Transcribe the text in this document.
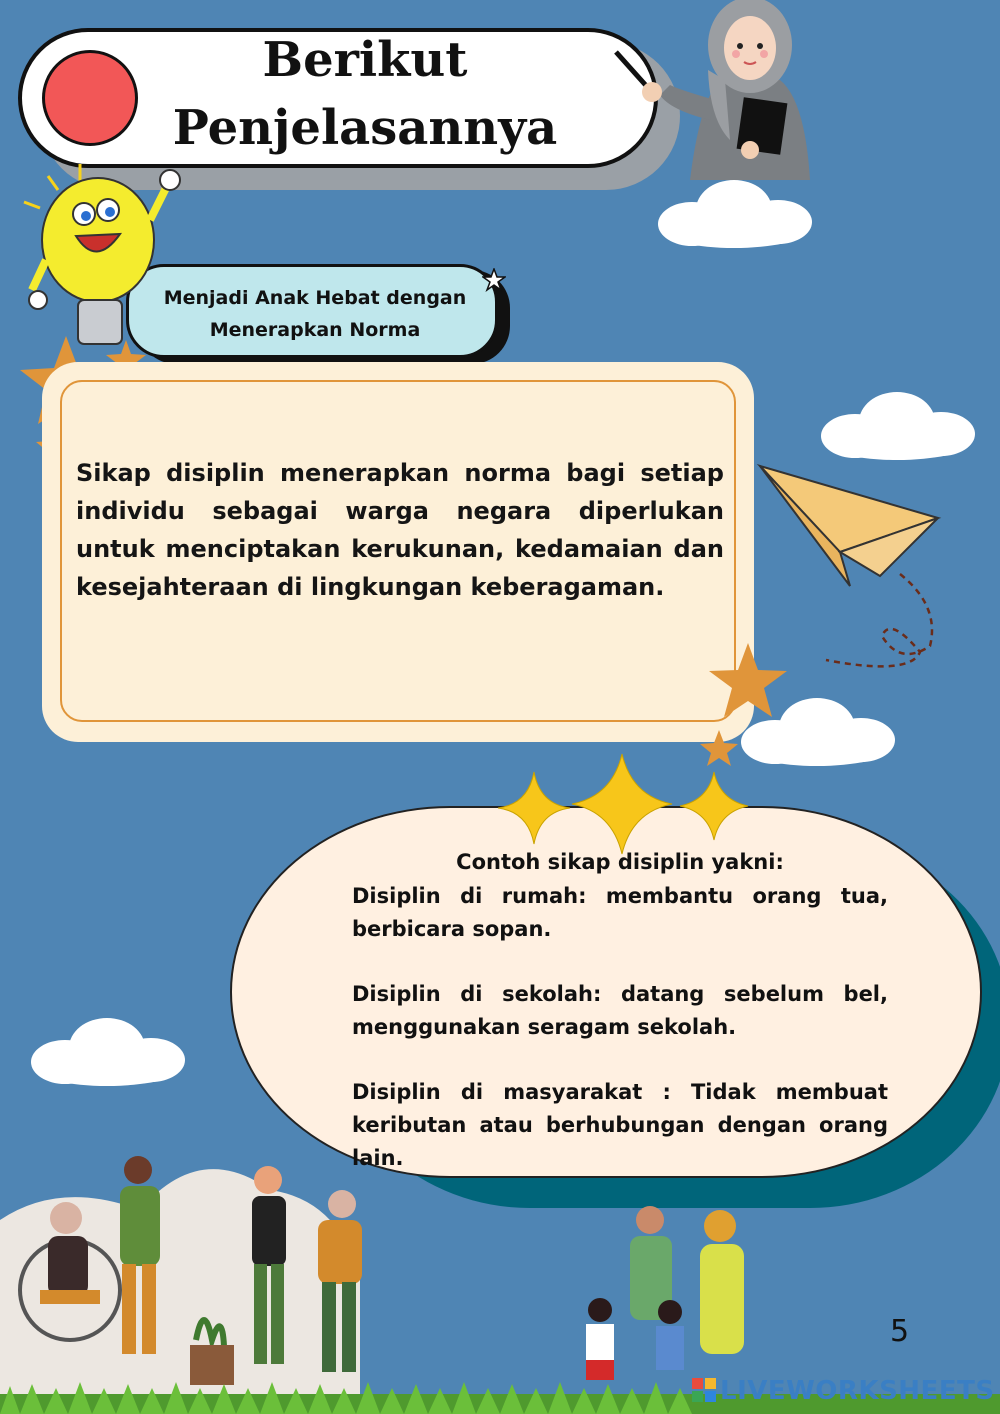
Berikut
Penjelasannya
Menjadi Anak Hebat dengan
Menerapkan Norma
Sikap disiplin menerapkan norma bagi setiap individu sebagai warga negara diperlukan untuk menciptakan kerukunan, kedamaian dan kesejahteraan di lingkungan keberagaman.
Contoh sikap disiplin yakni:

Disiplin di rumah: membantu orang tua, berbicara sopan.

Disiplin di sekolah: datang sebelum bel, menggunakan seragam sekolah.

Disiplin di masyarakat : Tidak membuat keributan atau berhubungan dengan orang lain.

5
LIVEWORKSHEETS
